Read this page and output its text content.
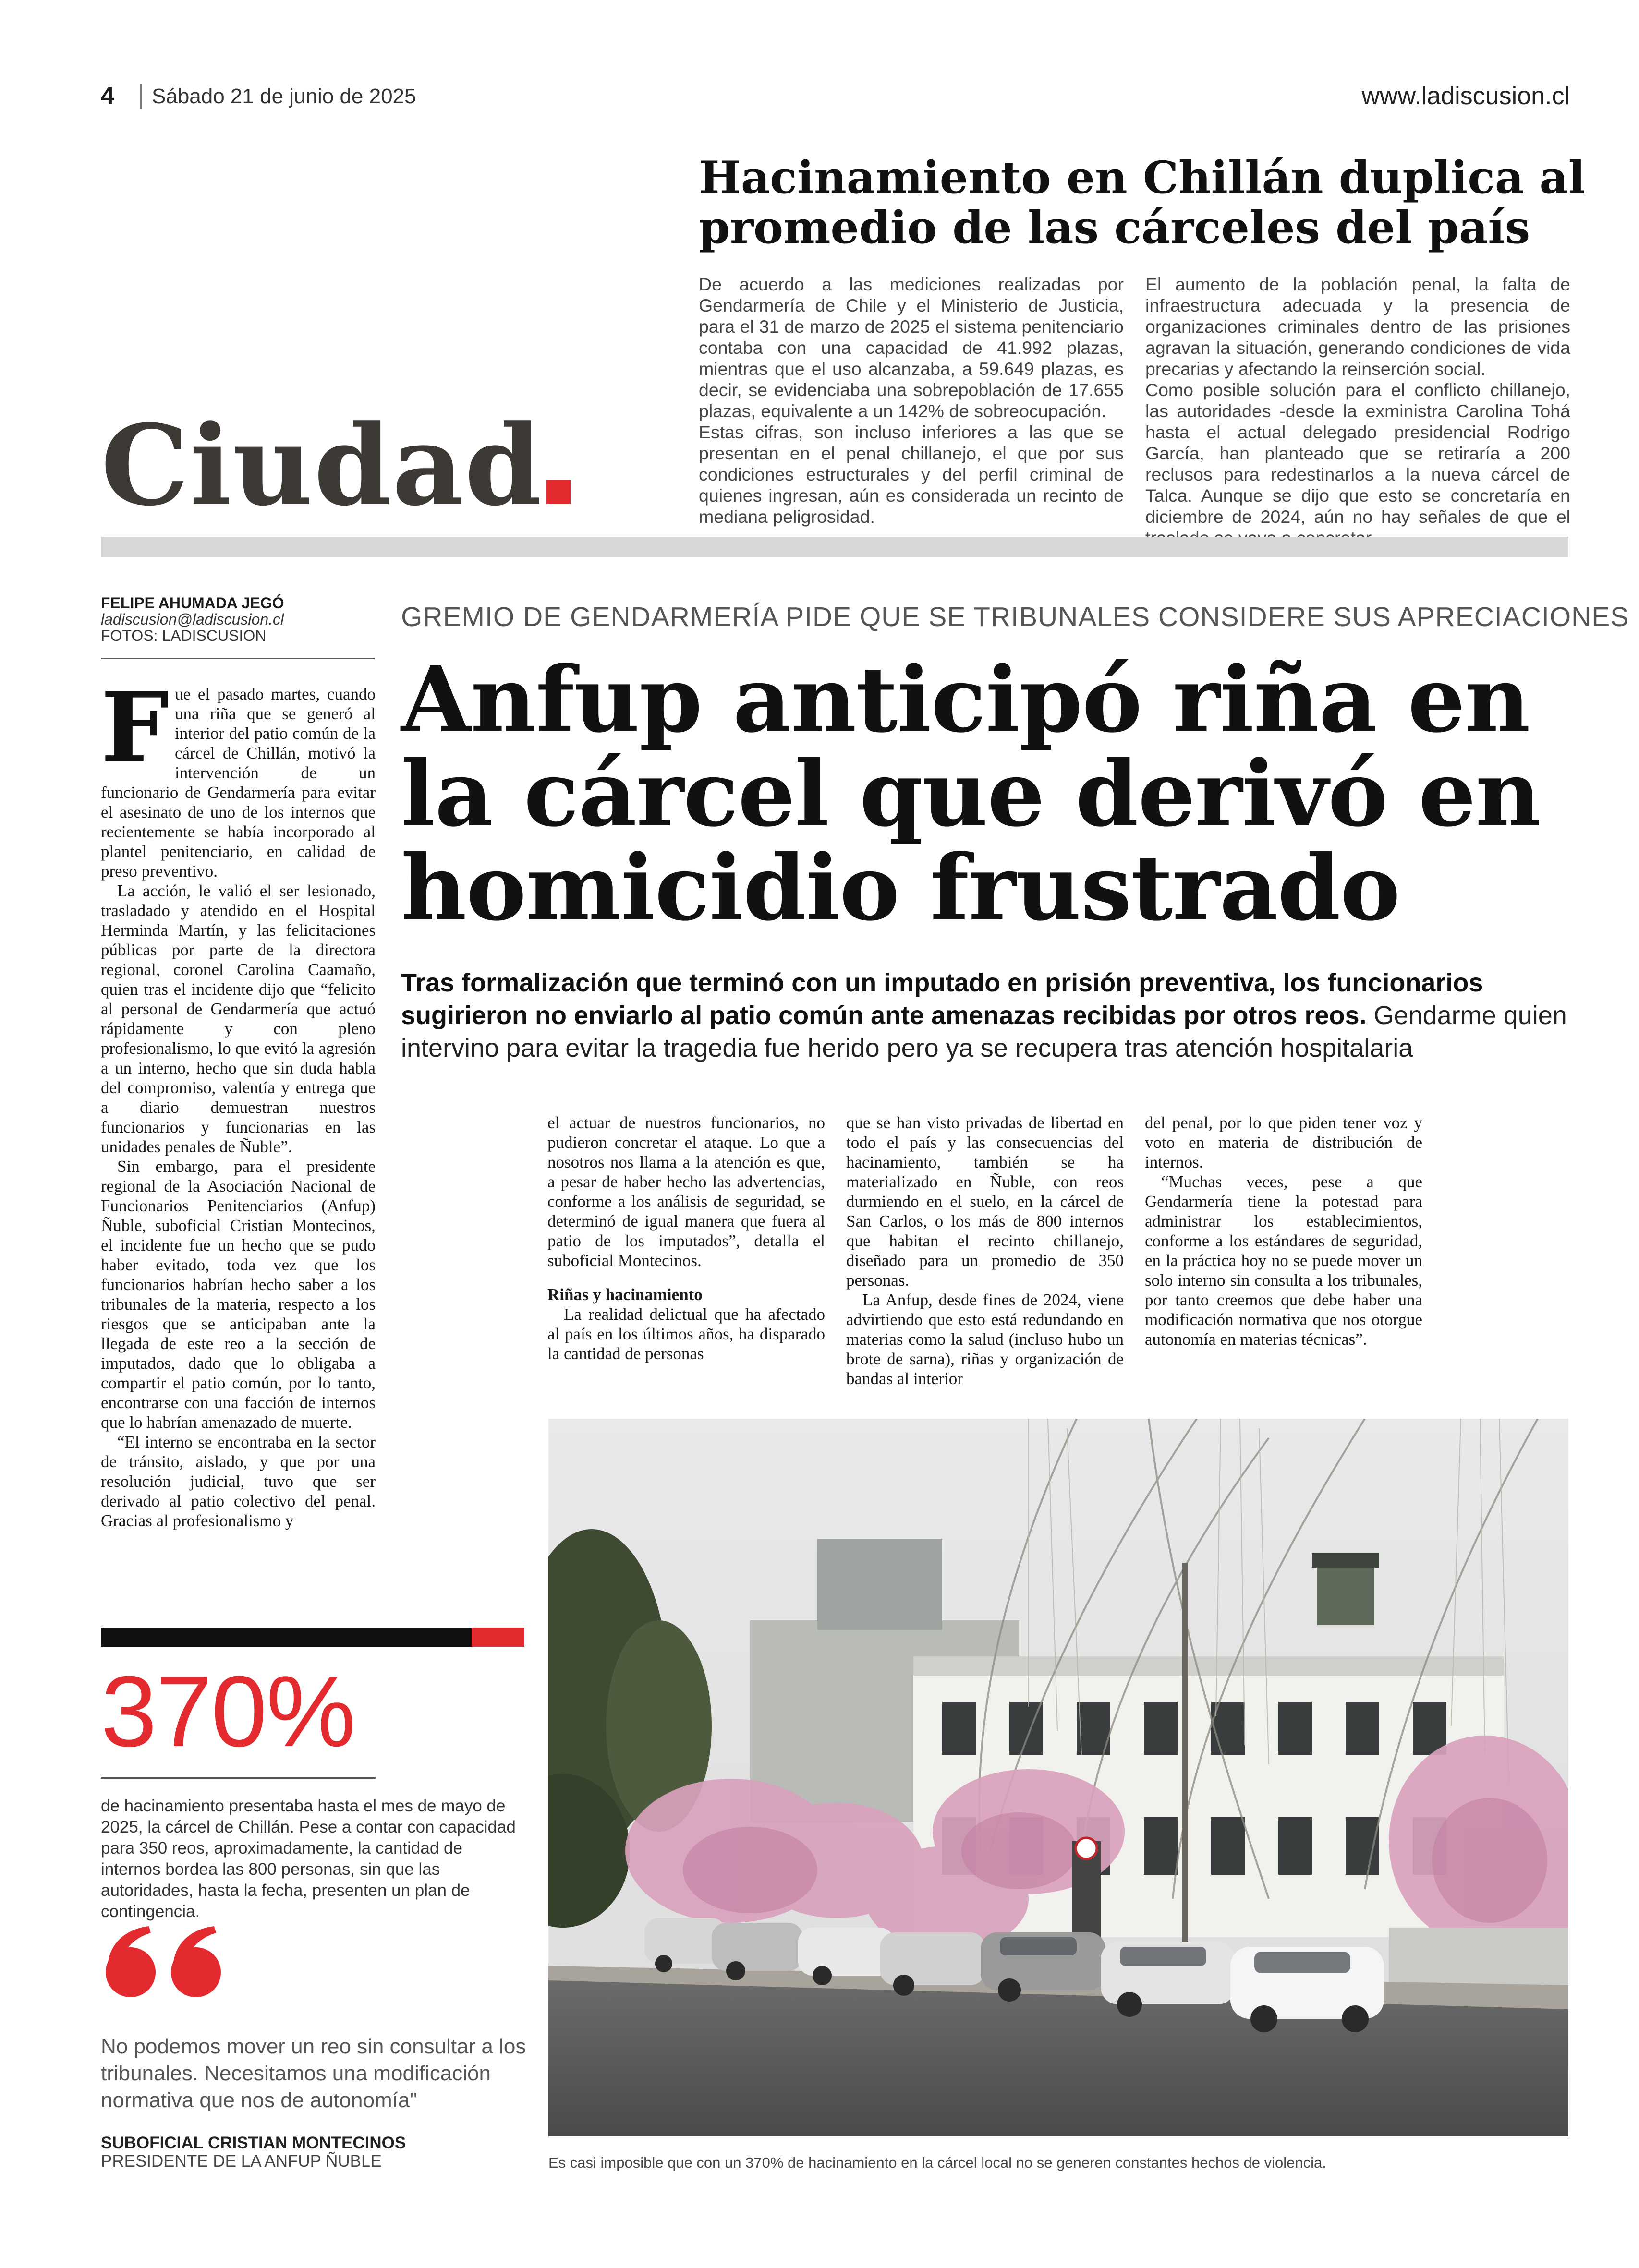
4 Sábado 21 de junio de 2025	www.ladiscusion.cl
Hacinamiento en Chillán duplica al promedio de las cárceles del país

De acuerdo a las mediciones realizadas por Gendarmería de Chile y el Ministerio de Justicia, para el 31 de marzo de 2025 el sistema penitenciario contaba con una capacidad de 41.992 plazas, mientras que el uso alcanzaba, a 59.649 plazas, es decir, se evidenciaba una sobrepoblación de 17.655 plazas, equivalente a un 142% de sobreocupación.

Estas cifras, son incluso inferiores a las que se presentan en el penal chillanejo, el que por sus condiciones estructurales y del perfil criminal de quienes ingresan, aún es considerada un recinto de mediana peligrosidad.

El aumento de la población penal, la falta de infraestructura adecuada y la presencia de organizaciones criminales dentro de las prisiones agravan la situación, generando condiciones de vida precarias y afectando la reinserción social.

Como posible solución para el conflicto chillanejo, las autoridades -desde la exministra Carolina Tohá hasta el actual delegado presidencial Rodrigo García, han planteado que se retiraría a 200 reclusos para redestinarlos a la nueva cárcel de Talca. Aunque se dijo que esto se concretaría en diciembre de 2024, aún no hay señales de que el

Ciudad
FELIPE AHUMADA JEGÓ
ladiscusion@ladiscusion.cl
FOTOS: LADISCUSION
GREMIO DE GENDARMERÍA PIDE QUE SE TRIBUNALES CONSIDERE SUS APRECIACIONES
Anfup anticipó riña en la cárcel que derivó en homicidio frustrado
Tras formalización que terminó con un imputado en prisión preventiva, los funcionarios sugirieron no enviarlo al patio común ante amenazas recibidas por otros reos. Gendarme quien intervino para evitar la tragedia fue herido pero ya se recupera tras atención hospitalaria
F ue el pasado martes, cuando una riña que se generó al interior del patio común de la cárcel de Chillán, motivó la intervención de un funcionario de Gendarmería para evitar el asesinato de uno de los internos que recientemente se había incorporado al plantel penitenciario, en calidad de preso preventivo.

La acción, le valió el ser lesionado, trasladado y atendido en el Hospital Herminda Martín, y las felicitaciones públicas por parte de la directora regional, coronel Carolina Caamaño, quien tras el incidente dijo que “felicito al personal de Gendarmería que actuó rápidamente y con pleno profesionalismo, lo que evitó la agresión a un interno, hecho que sin duda habla del compromiso, valentía y entrega que a diario demuestran nuestros funcionarios y funcionarias en las unidades penales de Ñuble”.

Sin embargo, para el presidente regional de la Asociación Nacional de Funcionarios Penitenciarios (Anfup) Ñuble, suboficial Cristian Montecinos, el incidente fue un hecho que se pudo haber evitado, toda vez que los funcionarios habrían hecho saber a los tribunales de la materia, respecto a los riesgos que se anticipaban ante la llegada de este reo a la sección de imputados, dado que lo obligaba a compartir el patio común, por lo tanto, encontrarse con una facción de internos que lo habrían amenazado de muerte.

“El interno se encontraba en la sector de tránsito, aislado, y que por una resolución judicial, tuvo que ser derivado al patio colectivo del penal. Gracias al profesionalismo y

el actuar de nuestros funcionarios, no pudieron concretar el ataque. Lo que a nosotros nos llama a la atención es que, a pesar de haber hecho las advertencias, conforme a los análisis de seguridad, se determinó de igual manera que fuera al patio de los imputados”, detalla el suboficial Montecinos.

Riñas y hacinamiento

La realidad delictual que ha afectado al país en los últimos años, ha disparado la cantidad de personas

que se han visto privadas de libertad en todo el país y las consecuencias del hacinamiento, también se ha materializado en Ñuble, con reos durmiendo en el suelo, en la cárcel de San Carlos, o los más de 800 internos que habitan el recinto chillanejo, diseñado para un promedio de 350 personas.

La Anfup, desde fines de 2024, viene advirtiendo que esto está redundando en materias como la salud (incluso hubo un brote de sarna), riñas y organización de bandas al interior

del penal, por lo que piden tener voz y voto en materia de distribución de internos.

“Muchas veces, pese a que Gendarmería tiene la potestad para administrar los establecimientos, conforme a los estándares de seguridad, en la práctica hoy no se puede mover un solo interno sin consulta a los tribunales, por tanto creemos que debe haber una modificación normativa que nos otorgue autonomía en materias técnicas”.

370%
de hacinamiento presentaba hasta el mes de mayo de 2025, la cárcel de Chillán. Pese a contar con capacidad para 350 reos, aproximadamente, la cantidad de internos bordea las 800 personas, sin que las autoridades, hasta la fecha, presenten un plan de contingencia.
No podemos mover un reo sin consultar a los tribunales. Necesitamos una modificación normativa que nos de autonomía"
SUBOFICIAL CRISTIAN MONTECINOS
PRESIDENTE DE LA ANFUP ÑUBLE	Es casi imposible que con un 370% de hacinamiento en la cárcel local no se generen constantes hechos de violencia.
